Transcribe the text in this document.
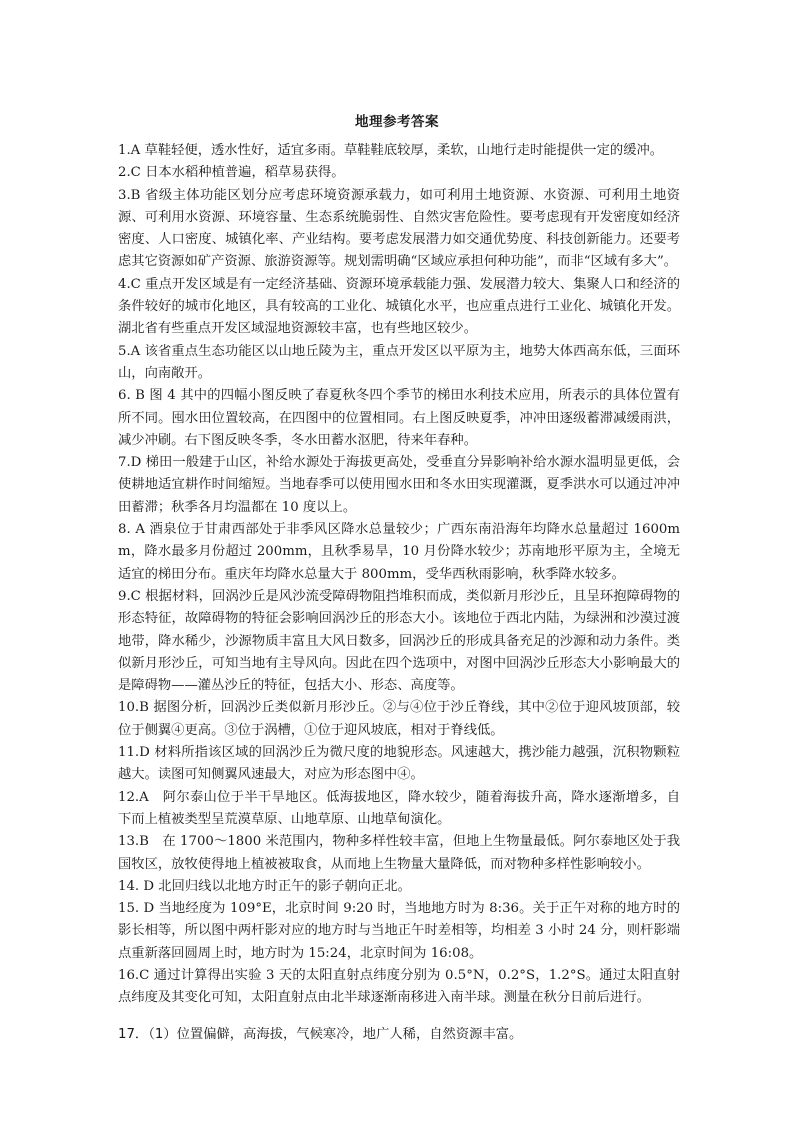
地理参考答案

1.A 草鞋轻便，透水性好，适宜多雨。草鞋鞋底较厚，柔软，山地行走时能提供一定的缓冲。

2.C 日本水稻种植普遍，稻草易获得。

3.B 省级主体功能区划分应考虑环境资源承载力，如可利用土地资源、水资源、可利用土地资源、可利用水资源、环境容量、生态系统脆弱性、自然灾害危险性。要考虑现有开发密度如经济密度、人口密度、城镇化率、产业结构。要考虑发展潜力如交通优势度、科技创新能力。还要考虑其它资源如矿产资源、旅游资源等。规划需明确“区域应承担何种功能”，而非“区域有多大”。

4.C 重点开发区域是有一定经济基础、资源环境承载能力强、发展潜力较大、集聚人口和经济的条件较好的城市化地区，具有较高的工业化、城镇化水平，也应重点进行工业化、城镇化开发。湖北省有些重点开发区域湿地资源较丰富，也有些地区较少。

5.A 该省重点生态功能区以山地丘陵为主，重点开发区以平原为主，地势大体西高东低，三面环山，向南敞开。

6. B 图 4 其中的四幅小图反映了春夏秋冬四个季节的梯田水利技术应用，所表示的具体位置有所不同。囤水田位置较高，在四图中的位置相同。右上图反映夏季，冲冲田逐级蓄滞减缓雨洪，减少冲刷。右下图反映冬季，冬水田蓄水沤肥，待来年春种。

7.D 梯田一般建于山区，补给水源处于海拔更高处，受垂直分异影响补给水源水温明显更低，会使耕地适宜耕作时间缩短。当地春季可以使用囤水田和冬水田实现灌溉，夏季洪水可以通过冲冲田蓄滞；秋季各月均温都在 10 度以上。

8. A 酒泉位于甘肃西部处于非季风区降水总量较少；广西东南沿海年均降水总量超过 1600mm，降水最多月份超过 200mm，且秋季易旱，10 月份降水较少；苏南地形平原为主，全境无适宜的梯田分布。重庆年均降水总量大于 800mm，受华西秋雨影响，秋季降水较多。

9.C 根据材料，回涡沙丘是风沙流受障碍物阻挡堆积而成，类似新月形沙丘，且呈环抱障碍物的形态特征，故障碍物的特征会影响回涡沙丘的形态大小。该地位于西北内陆，为绿洲和沙漠过渡地带，降水稀少，沙源物质丰富且大风日数多，回涡沙丘的形成具备充足的沙源和动力条件。类似新月形沙丘，可知当地有主导风向。因此在四个选项中，对图中回涡沙丘形态大小影响最大的是障碍物——灌丛沙丘的特征，包括大小、形态、高度等。

10.B 据图分析，回涡沙丘类似新月形沙丘。②与④位于沙丘脊线，其中②位于迎风坡顶部，较位于侧翼④更高。③位于涡槽，①位于迎风坡底，相对于脊线低。

11.D 材料所指该区域的回涡沙丘为微尺度的地貌形态。风速越大，携沙能力越强，沉积物颗粒越大。读图可知侧翼风速最大，对应为形态图中④。

12.A　阿尔泰山位于半干旱地区。低海拔地区，降水较少，随着海拔升高，降水逐渐增多，自下而上植被类型呈荒漠草原、山地草原、山地草甸演化。

13.B　在 1700～1800 米范围内，物种多样性较丰富，但地上生物量最低。阿尔泰地区处于我国牧区，放牧使得地上植被被取食，从而地上生物量大量降低，而对物种多样性影响较小。

14. D 北回归线以北地方时正午的影子朝向正北。

15. D 当地经度为 109°E，北京时间 9:20 时，当地地方时为 8:36。关于正午对称的地方时的影长相等，所以图中两杆影对应的地方时与当地正午时差相等，均相差 3 小时 24 分，则杆影端点重新落回圆周上时，地方时为 15:24，北京时间为 16:08。

16.C 通过计算得出实验 3 天的太阳直射点纬度分别为 0.5°N，0.2°S，1.2°S。通过太阳直射点纬度及其变化可知，太阳直射点由北半球逐渐南移进入南半球。测量在秋分日前后进行。

17．（1）位置偏僻，高海拔，气候寒冷，地广人稀，自然资源丰富。
